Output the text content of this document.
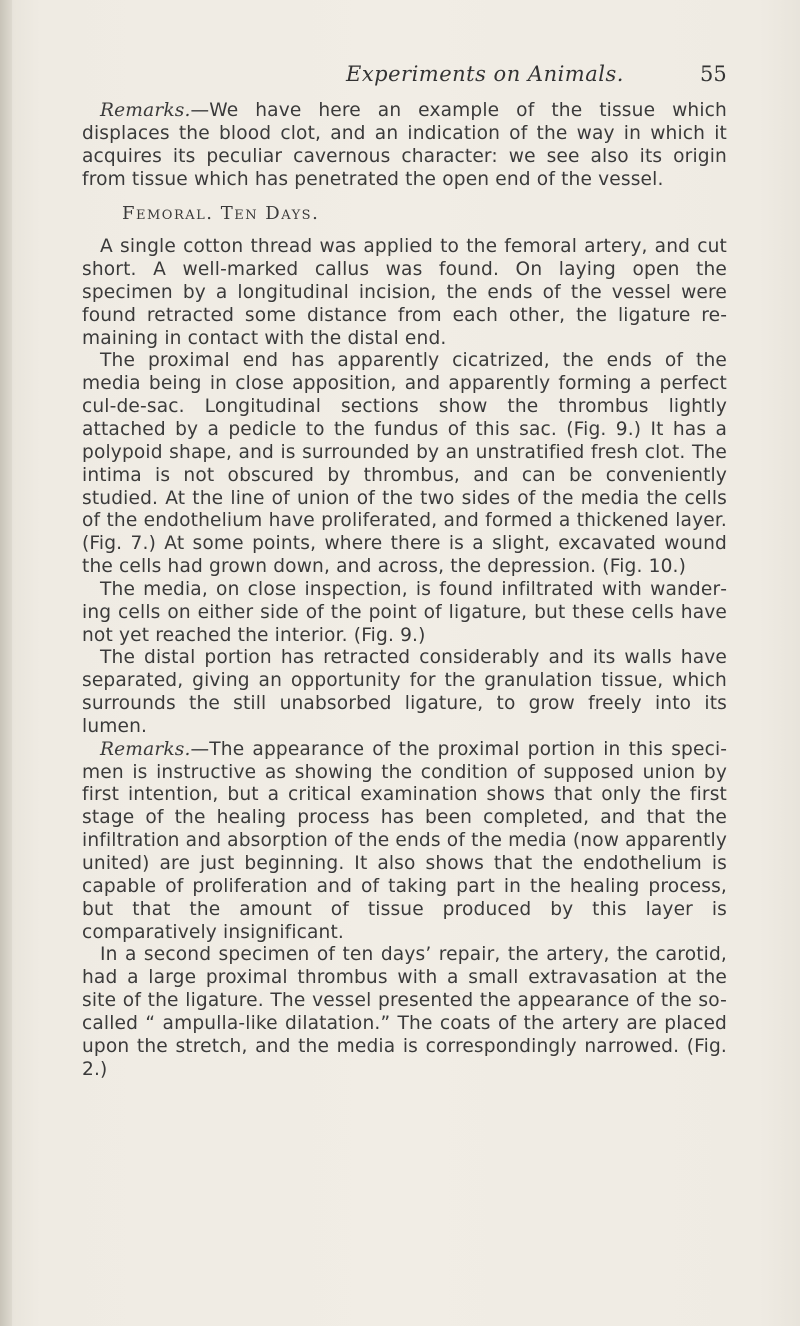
Experiments on Animals.	55

Remarks.—We have here an example of the tissue which displaces the blood clot, and an indication of the way in which it acquires its peculiar cavernous character: we see also its origin from tissue which has penetrated the open end of the vessel.

Femoral. Ten Days.

A single cotton thread was applied to the femoral artery, and cut short. A well-marked callus was found. On laying open the specimen by a longitudinal incision, the ends of the vessel were found retracted some distance from each other, the ligature remaining in contact with the distal end.

The proximal end has apparently cicatrized, the ends of the media being in close apposition, and apparently forming a perfect cul-de-sac. Longitudinal sections show the thrombus lightly attached by a pedicle to the fundus of this sac. (Fig. 9.) It has a polypoid shape, and is surrounded by an unstratified fresh clot. The intima is not obscured by thrombus, and can be conveniently studied. At the line of union of the two sides of the media the cells of the endothelium have proliferated, and formed a thickened layer. (Fig. 7.) At some points, where there is a slight, excavated wound the cells had grown down, and across, the depression. (Fig. 10.)

The media, on close inspection, is found infiltrated with wandering cells on either side of the point of ligature, but these cells have not yet reached the interior. (Fig. 9.)

The distal portion has retracted considerably and its walls have separated, giving an opportunity for the granulation tissue, which surrounds the still unabsorbed ligature, to grow freely into its lumen.

Remarks.—The appearance of the proximal portion in this specimen is instructive as showing the condition of supposed union by first intention, but a critical examination shows that only the first stage of the healing process has been completed, and that the infiltration and absorption of the ends of the media (now apparently united) are just beginning. It also shows that the endothelium is capable of proliferation and of taking part in the healing process, but that the amount of tissue produced by this layer is comparatively insignificant.

In a second specimen of ten days’ repair, the artery, the carotid, had a large proximal thrombus with a small extravasation at the site of the ligature. The vessel presented the appearance of the so-called “ ampulla-like dilatation.” The coats of the artery are placed upon the stretch, and the media is correspondingly narrowed. (Fig. 2.)
